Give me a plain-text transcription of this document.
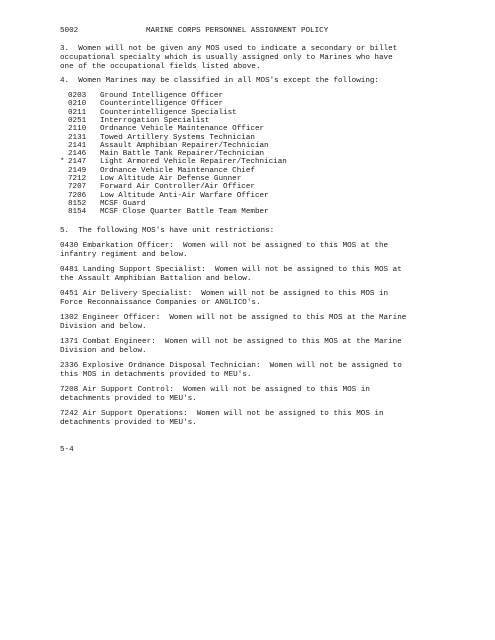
5002	MARINE CORPS PERSONNEL ASSIGNMENT POLICY
3.  Women will not be given any MOS used to indicate a secondary or billet
occupational specialty which is usually assigned only to Marines who have
one of the occupational fields listed above.
4.  Women Marines may be classified in all MOS's except the following:
0203 Ground Intelligence Officer
0210 Counterintelligence Officer
0211 Counterintelligence Specialist
0251 Interrogation Specialist
2110 Ordnance Vehicle Maintenance Officer
2131 Towed Artillery Systems Technician
2141 Assault Amphibian Repairer/Technician
2146 Main Battle Tank Repairer/Technician
* 2147 Light Armored Vehicle Repairer/Technician
2149 Ordnance Vehicle Maintenance Chief
7212 Low Altitude Air Defense Gunner
7207 Forward Air Controller/Air Officer
7206 Low Altitude Anti-Air Warfare Officer
8152 MCSF Guard
8154 MCSF Close Quarter Battle Team Member
5.  The following MOS's have unit restrictions:
0430 Embarkation Officer:  Women will not be assigned to this MOS at the
infantry regiment and below.
0481 Landing Support Specialist:  Women will not be assigned to this MOS at
the Assault Amphibian Battalion and below.
0451 Air Delivery Specialist:  Women will not be assigned to this MOS in
Force Reconnaissance Companies or ANGLICO's.
1302 Engineer Officer:  Women will not be assigned to this MOS at the Marine
Division and below.
1371 Combat Engineer:  Women will not be assigned to this MOS at the Marine
Division and below.
2336 Explosive Ordnance Disposal Technician:  Women will not be assigned to
this MOS in detachments provided to MEU's.
7208 Air Support Control:  Women will not be assigned to this MOS in
detachments provided to MEU's.
7242 Air Support Operations:  Women will not be assigned to this MOS in
detachments provided to MEU's.
5-4
